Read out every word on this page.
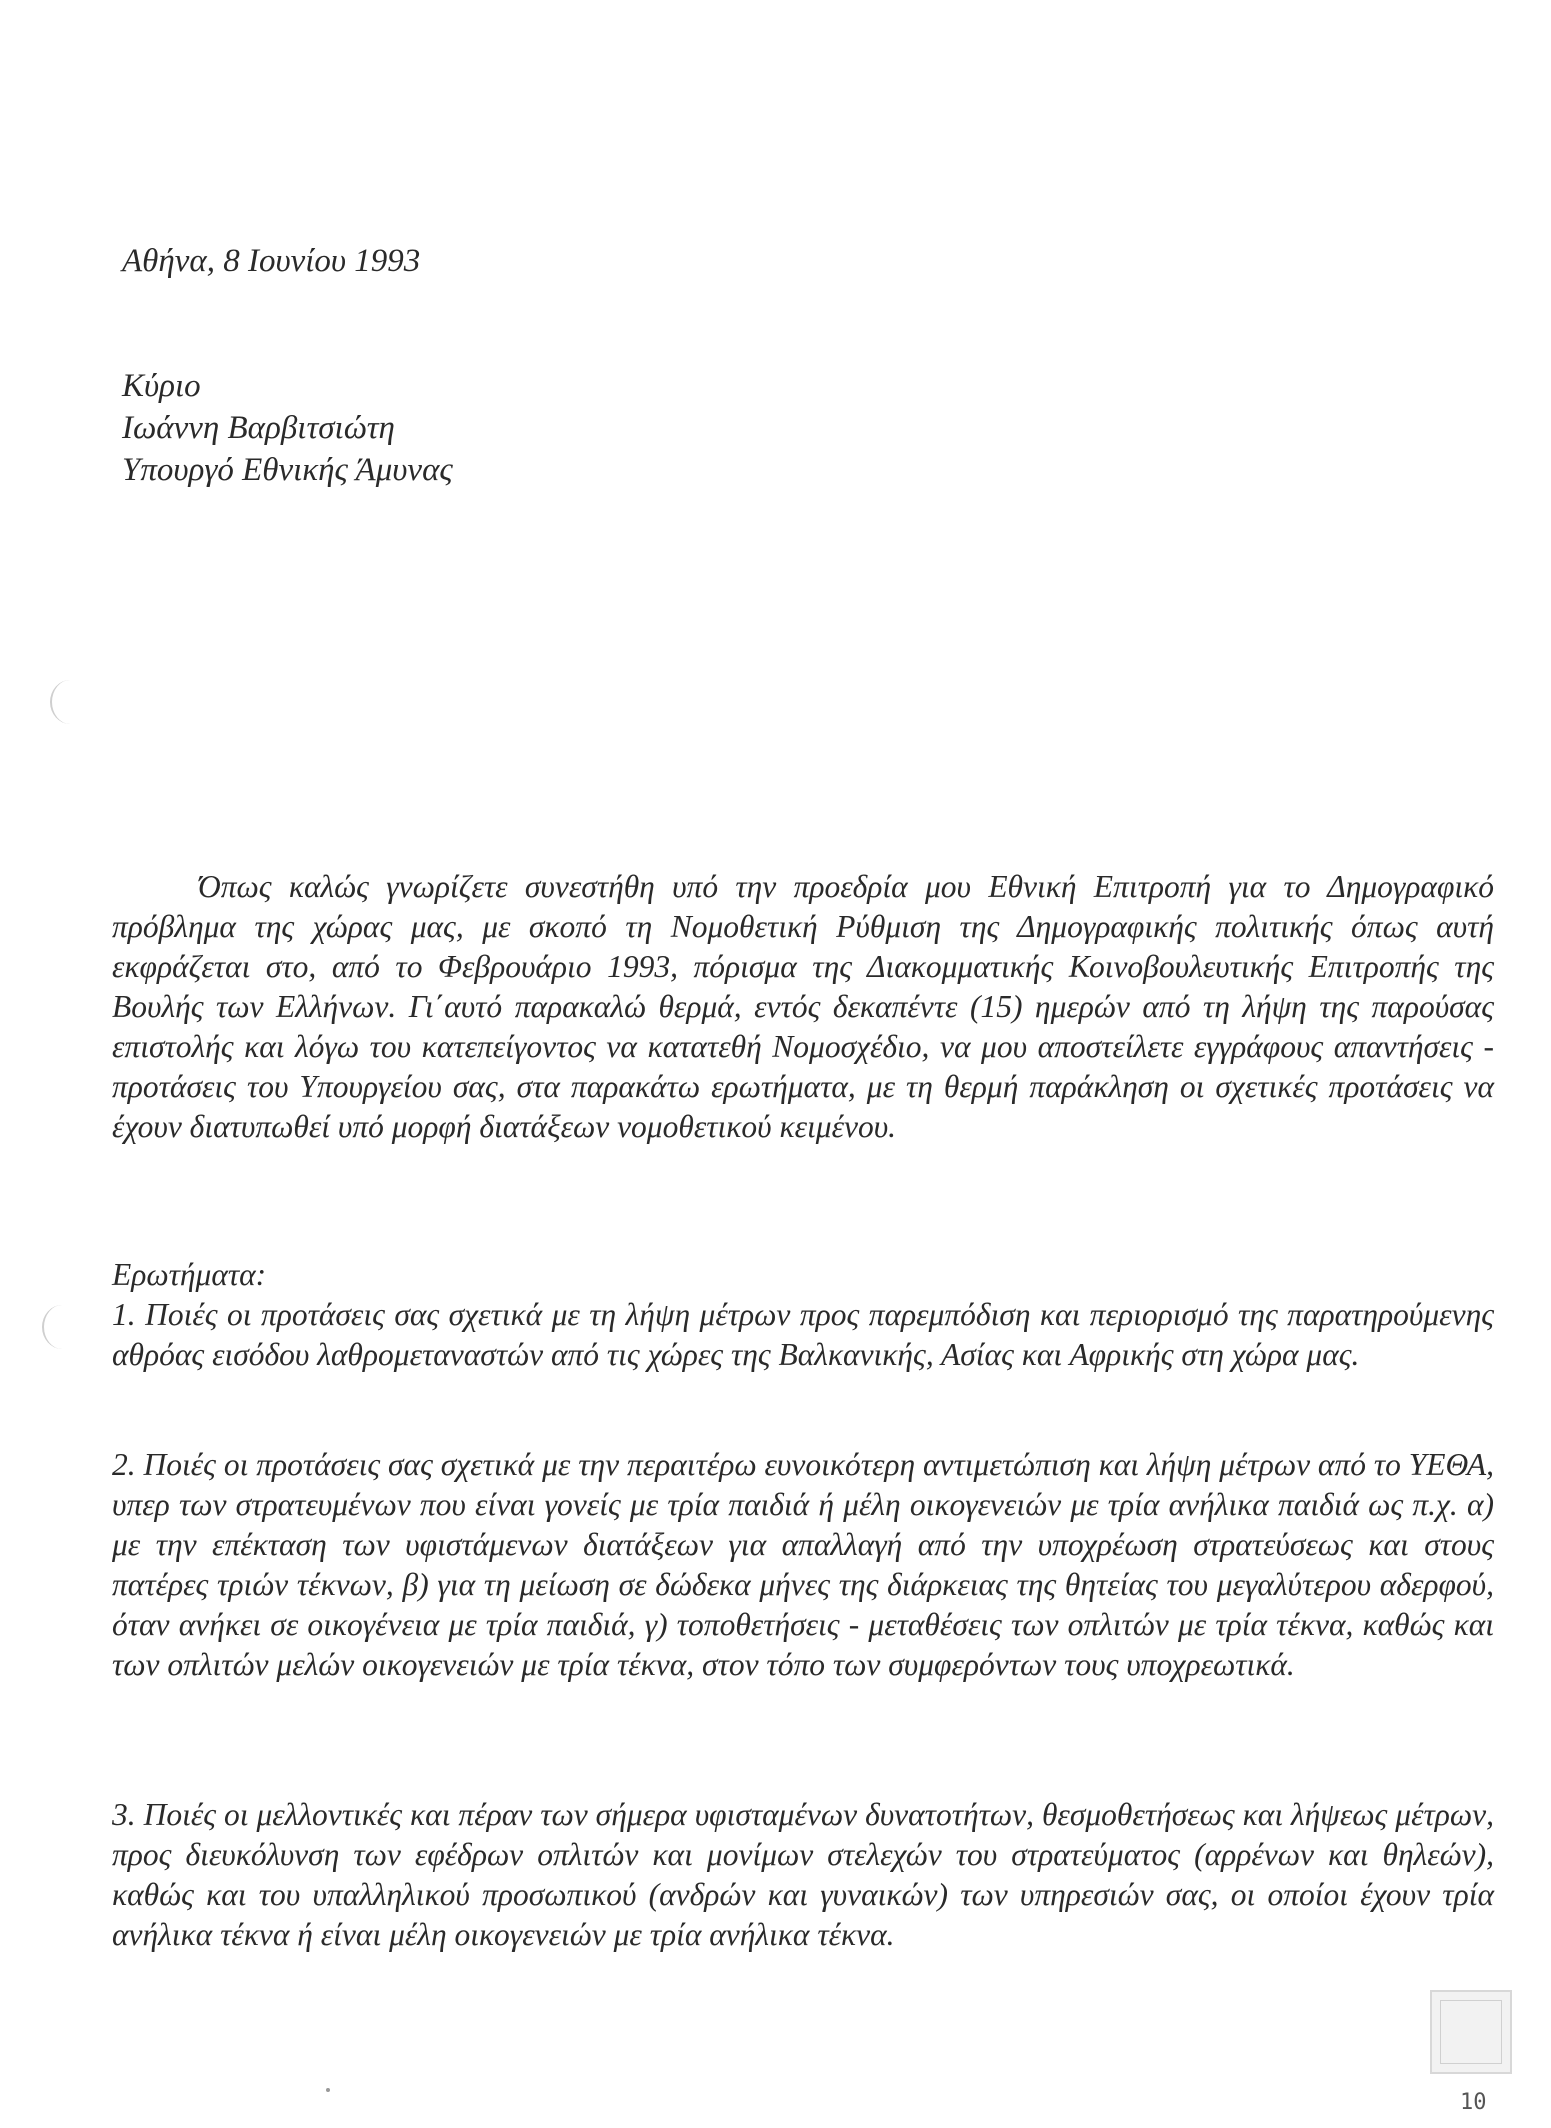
Αθήνα, 8 Ιουνίου 1993
Κύριο
Ιωάννη Βαρβιτσιώτη
Υπουργό Εθνικής Άμυνας
Όπως καλώς γνωρίζετε συνεστήθη υπό την προεδρία μου Εθνική Επιτροπή για το Δημογραφικό πρόβλημα της χώρας μας, με σκοπό τη Νομοθετική Ρύθμιση της Δημογραφικής πολιτικής όπως αυτή εκφράζεται στο, από το Φεβρουάριο 1993, πόρισμα της Διακομματικής Κοινοβουλευτικής Επιτροπής της Βουλής των Ελλήνων. Γι΄αυτό παρακαλώ θερμά, εντός δεκαπέντε (15) ημερών από τη λήψη της παρούσας επιστολής και λόγω του κατεπείγοντος να κατατεθή Νομοσχέδιο, να μου αποστείλετε εγγράφους απαντήσεις - προτάσεις του Υπουργείου σας, στα παρακάτω ερωτήματα, με τη θερμή παράκληση οι σχετικές προτάσεις να έχουν διατυπωθεί υπό μορφή διατάξεων νομοθετικού κειμένου.
Ερωτήματα:
1. Ποιές οι προτάσεις σας σχετικά με τη λήψη μέτρων προς παρεμπόδιση και περιορισμό της παρατηρούμενης αθρόας εισόδου λαθρομεταναστών από τις χώρες της Βαλκανικής, Ασίας και Αφρικής στη χώρα μας.
2. Ποιές οι προτάσεις σας σχετικά με την περαιτέρω ευνοικότερη αντιμετώπιση και λήψη μέτρων από το ΥΕΘΑ, υπερ των στρατευμένων που είναι γονείς με τρία παιδιά ή μέλη οικογενειών με τρία ανήλικα παιδιά ως π.χ. α) με την επέκταση των υφιστάμενων διατάξεων για απαλλαγή από την υποχρέωση στρατεύσεως και στους πατέρες τριών τέκνων, β) για τη μείωση σε δώδεκα μήνες της διάρκειας της θητείας του μεγαλύτερου αδερφού, όταν ανήκει σε οικογένεια με τρία παιδιά, γ) τοποθετήσεις - μεταθέσεις των οπλιτών με τρία τέκνα, καθώς και των οπλιτών μελών οικογενειών με τρία τέκνα, στον τόπο των συμφερόντων τους υποχρεωτικά.
3. Ποιές οι μελλοντικές και πέραν των σήμερα υφισταμένων δυνατοτήτων, θεσμοθετήσεως και λήψεως μέτρων, προς διευκόλυνση των εφέδρων οπλιτών και μονίμων στελεχών του στρατεύματος (αρρένων και θηλεών), καθώς και του υπαλληλικού προσωπικού (ανδρών και γυναικών) των υπηρεσιών σας, οι οποίοι έχουν τρία ανήλικα τέκνα ή είναι μέλη οικογενειών με τρία ανήλικα τέκνα.
10
